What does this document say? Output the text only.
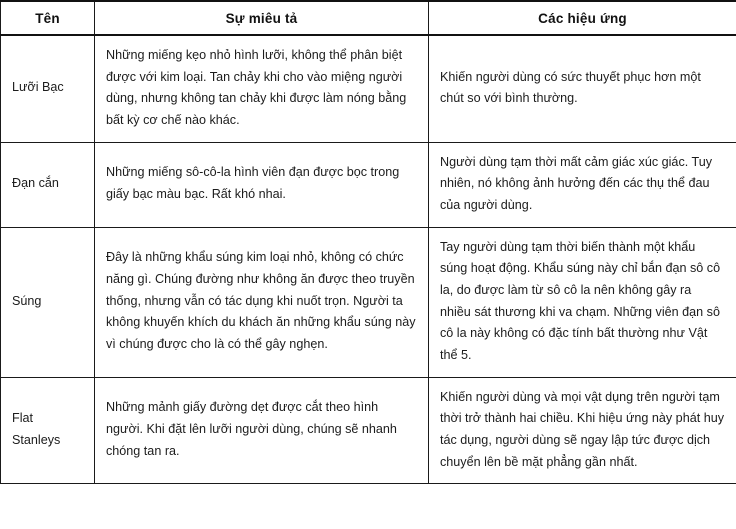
Tên	Sự miêu tả	Các hiệu ứng
Lưỡi Bạc	Những miếng kẹo nhỏ hình lưỡi, không thể phân biệt được với kim loại. Tan chảy khi cho vào miệng người dùng, nhưng không tan chảy khi được làm nóng bằng bất kỳ cơ chế nào khác.	Khiến người dùng có sức thuyết phục hơn một chút so với bình thường.
Đạn cắn	Những miếng sô-cô-la hình viên đạn được bọc trong giấy bạc màu bạc. Rất khó nhai.	Người dùng tạm thời mất cảm giác xúc giác. Tuy nhiên, nó không ảnh hưởng đến các thụ thể đau của người dùng.
Súng	Đây là những khẩu súng kim loại nhỏ, không có chức năng gì. Chúng đường như không ăn được theo truyền thống, nhưng vẫn có tác dụng khi nuốt trọn. Người ta không khuyến khích du khách ăn những khẩu súng này vì chúng được cho là có thể gây nghẹn.	Tay người dùng tạm thời biến thành một khẩu súng hoạt động. Khẩu súng này chỉ bắn đạn sô cô la, do được làm từ sô cô la nên không gây ra nhiều sát thương khi va chạm. Những viên đạn sô cô la này không có đặc tính bất thường như Vật thể 5.
Flat Stanleys	Những mảnh giấy đường dẹt được cắt theo hình người. Khi đặt lên lưỡi người dùng, chúng sẽ nhanh chóng tan ra.	Khiến người dùng và mọi vật dụng trên người tạm thời trở thành hai chiều. Khi hiệu ứng này phát huy tác dụng, người dùng sẽ ngay lập tức được dịch chuyển lên bề mặt phẳng gần nhất.
